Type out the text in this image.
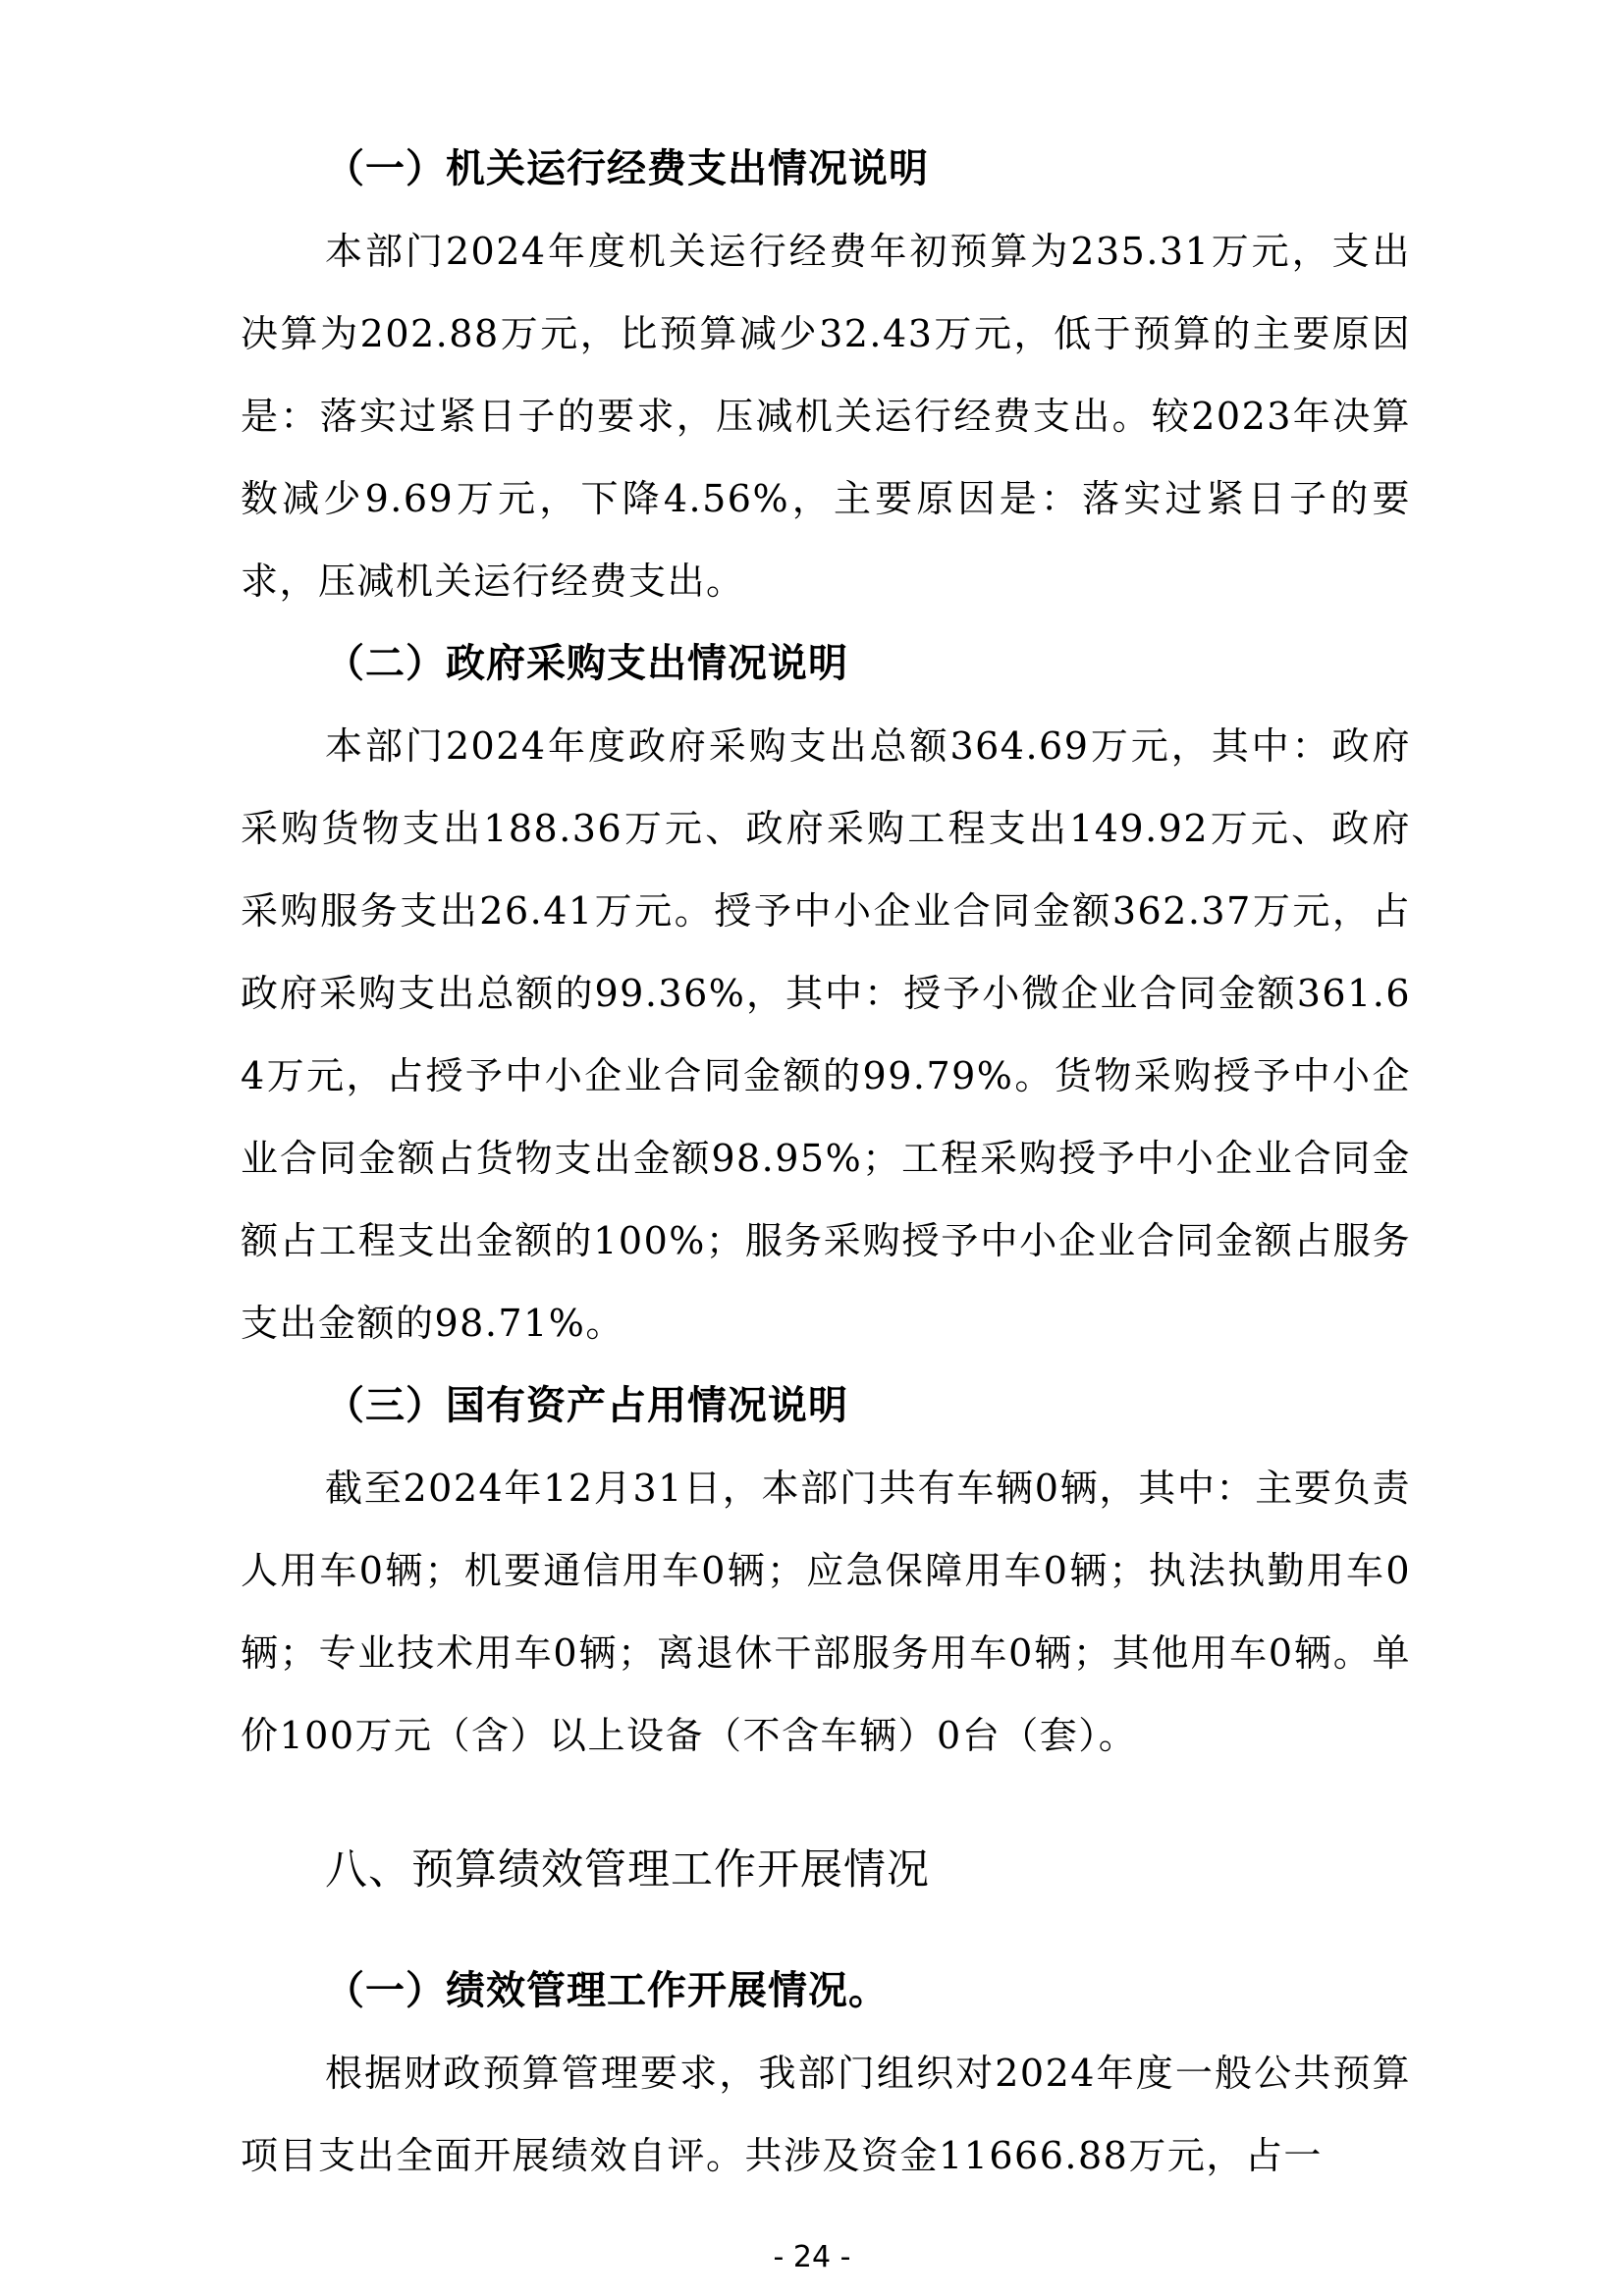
（一）机关运行经费支出情况说明

本部门2024年度机关运行经费年初预算为235.31万元，支出决算为202.88万元，比预算减少32.43万元，低于预算的主要原因是：落实过紧日子的要求，压减机关运行经费支出。较2023年决算数减少9.69万元，下降4.56%，主要原因是：落实过紧日子的要求，压减机关运行经费支出。

（二）政府采购支出情况说明

本部门2024年度政府采购支出总额364.69万元，其中：政府采购货物支出188.36万元、政府采购工程支出149.92万元、政府采购服务支出26.41万元。授予中小企业合同金额362.37万元，占政府采购支出总额的99.36%，其中：授予小微企业合同金额361.64万元，占授予中小企业合同金额的99.79%。货物采购授予中小企业合同金额占货物支出金额98.95%；工程采购授予中小企业合同金额占工程支出金额的100%；服务采购授予中小企业合同金额占服务支出金额的98.71%。

（三）国有资产占用情况说明

截至2024年12月31日，本部门共有车辆0辆，其中：主要负责人用车0辆；机要通信用车0辆；应急保障用车0辆；执法执勤用车0辆；专业技术用车0辆；离退休干部服务用车0辆；其他用车0辆。单价100万元（含）以上设备（不含车辆）0台（套）。

八、预算绩效管理工作开展情况
（一）绩效管理工作开展情况。

根据财政预算管理要求，我部门组织对2024年度一般公共预算项目支出全面开展绩效自评。共涉及资金11666.88万元，占一

- 24 -
